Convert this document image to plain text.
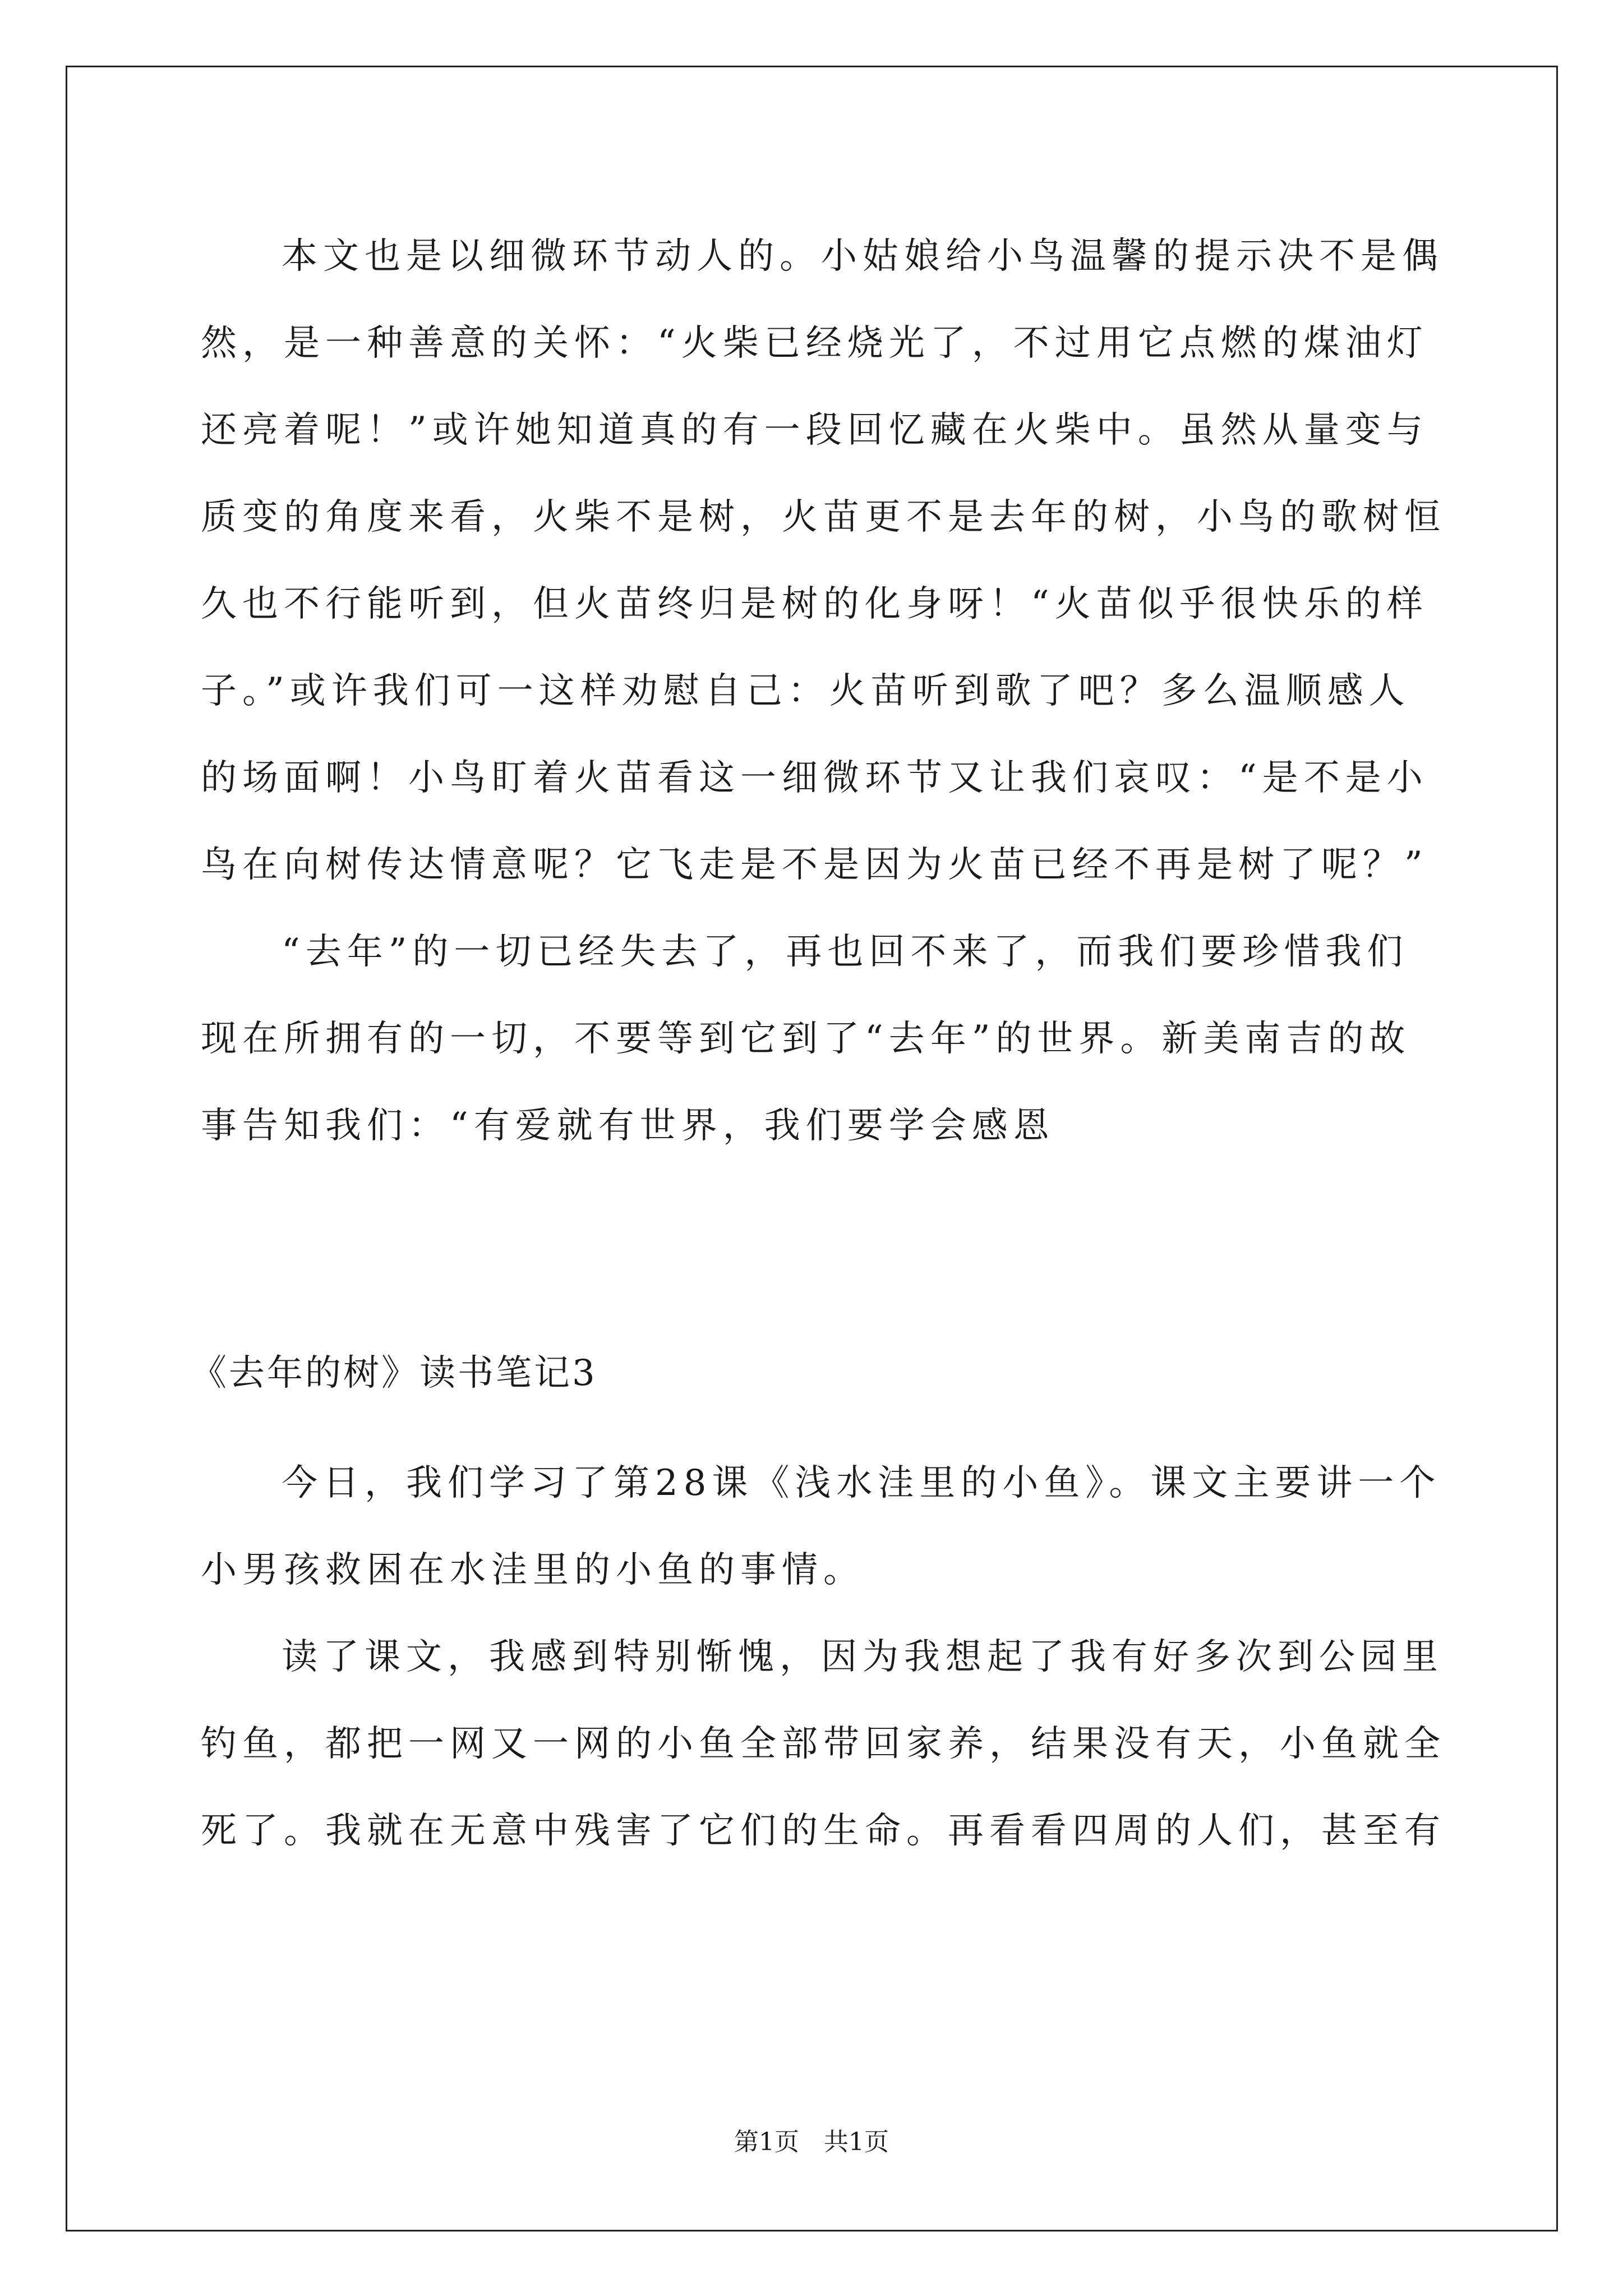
本文也是以细微环节动人的。小姑娘给小鸟温馨的提示决不是偶
然，是一种善意的关怀：“火柴已经烧光了，不过用它点燃的煤油灯
还亮着呢！”或许她知道真的有一段回忆藏在火柴中。虽然从量变与
质变的角度来看，火柴不是树，火苗更不是去年的树，小鸟的歌树恒
久也不行能听到，但火苗终归是树的化身呀！“火苗似乎很快乐的样
子。”或许我们可一这样劝慰自己：火苗听到歌了吧？多么温顺感人
的场面啊！小鸟盯着火苗看这一细微环节又让我们哀叹：“是不是小
鸟在向树传达情意呢？它飞走是不是因为火苗已经不再是树了呢？”
“去年”的一切已经失去了，再也回不来了，而我们要珍惜我们
现在所拥有的一切，不要等到它到了“去年”的世界。新美南吉的故
事告知我们：“有爱就有世界，我们要学会感恩
《去年的树》读书笔记3
今日，我们学习了第28课《浅水洼里的小鱼》。课文主要讲一个
小男孩救困在水洼里的小鱼的事情。
读了课文，我感到特别惭愧，因为我想起了我有好多次到公园里
钓鱼，都把一网又一网的小鱼全部带回家养，结果没有天，小鱼就全
死了。我就在无意中残害了它们的生命。再看看四周的人们，甚至有
第1页　共1页
